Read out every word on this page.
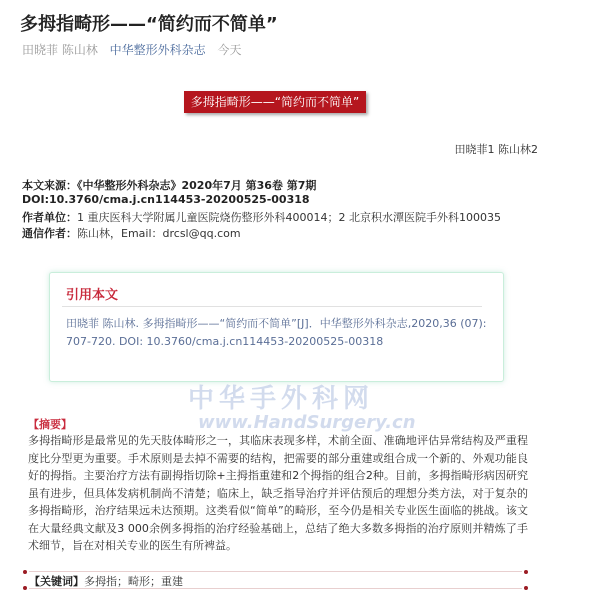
多拇指畸形——“简约而不简单”
田晓菲 陈山林 中华整形外科杂志 今天
多拇指畸形——“简约而不简单”
田晓菲1 陈山林2
本文来源：《中华整形外科杂志》2020年7月 第36卷 第7期
DOI:10.3760/cma.j.cn114453-20200525-00318
作者单位：1 重庆医科大学附属儿童医院烧伤整形外科400014；2 北京积水潭医院手外科100035
通信作者：陈山林，Email：drcsl@qq.com
引用本文
田晓菲 陈山林. 多拇指畸形——“简约而不简单”[J]．中华整形外科杂志,2020,36 (07): 707-720. DOI: 10.3760/cma.j.cn114453-20200525-00318
中华手外科网
www.HandSurgery.cn
【摘要】
多拇指畸形是最常见的先天肢体畸形之一，其临床表现多样，术前全面、准确地评估异常结构及严重程度比分型更为重要。手术原则是去掉不需要的结构，把需要的部分重建或组合成一个新的、外观功能良好的拇指。主要治疗方法有副拇指切除+主拇指重建和2个拇指的组合2种。目前，多拇指畸形病因研究虽有进步，但具体发病机制尚不清楚；临床上，缺乏指导治疗并评估预后的理想分类方法，对于复杂的多拇指畸形，治疗结果远未达预期。这类看似“简单”的畸形，至今仍是相关专业医生面临的挑战。该文在大量经典文献及3 000余例多拇指的治疗经验基础上，总结了绝大多数多拇指的治疗原则并精炼了手术细节，旨在对相关专业的医生有所裨益。
【关键词】多拇指；畸形；重建
